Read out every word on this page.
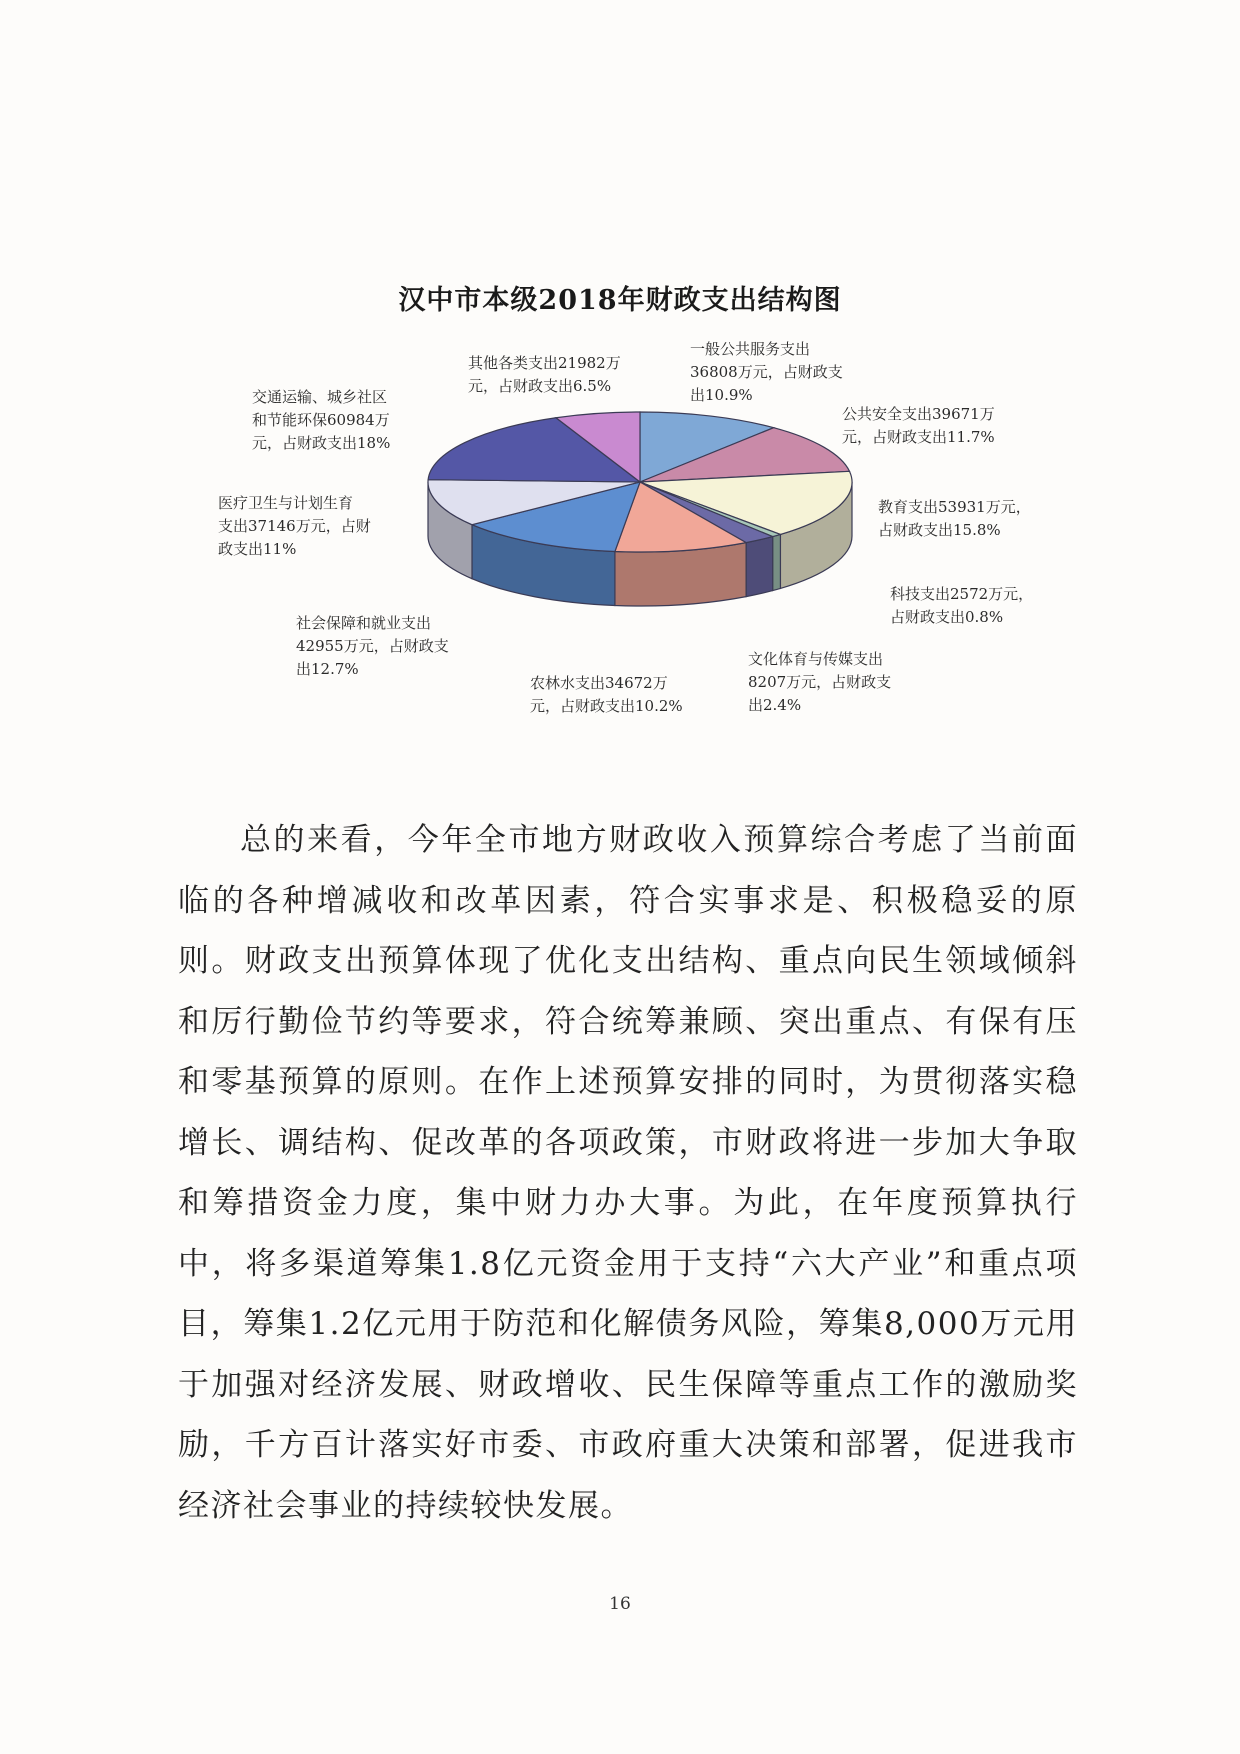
汉中市本级2018年财政支出结构图
一般公共服务支出
36808万元，占财政支
出10.9%
公共安全支出39671万
元，占财政支出11.7%
教育支出53931万元，
占财政支出15.8%
科技支出2572万元，
占财政支出0.8%
文化体育与传媒支出
8207万元，占财政支
出2.4%
农林水支出34672万
元，占财政支出10.2%
社会保障和就业支出
42955万元，占财政支
出12.7%
医疗卫生与计划生育
支出37146万元，占财
政支出11%
交通运输、城乡社区
和节能环保60984万
元，占财政支出18%
其他各类支出21982万
元，占财政支出6.5%
总的来看，今年全市地方财政收入预算综合考虑了当前面临的各种增减收和改革因素，符合实事求是、积极稳妥的原则。财政支出预算体现了优化支出结构、重点向民生领域倾斜和厉行勤俭节约等要求，符合统筹兼顾、突出重点、有保有压和零基预算的原则。在作上述预算安排的同时，为贯彻落实稳增长、调结构、促改革的各项政策，市财政将进一步加大争取和筹措资金力度，集中财力办大事。为此，在年度预算执行中，将多渠道筹集1.8亿元资金用于支持“六大产业”和重点项目，筹集1.2亿元用于防范和化解债务风险，筹集8,000万元用于加强对经济发展、财政增收、民生保障等重点工作的激励奖励，千方百计落实好市委、市政府重大决策和部署，促进我市经济社会事业的持续较快发展。
16
